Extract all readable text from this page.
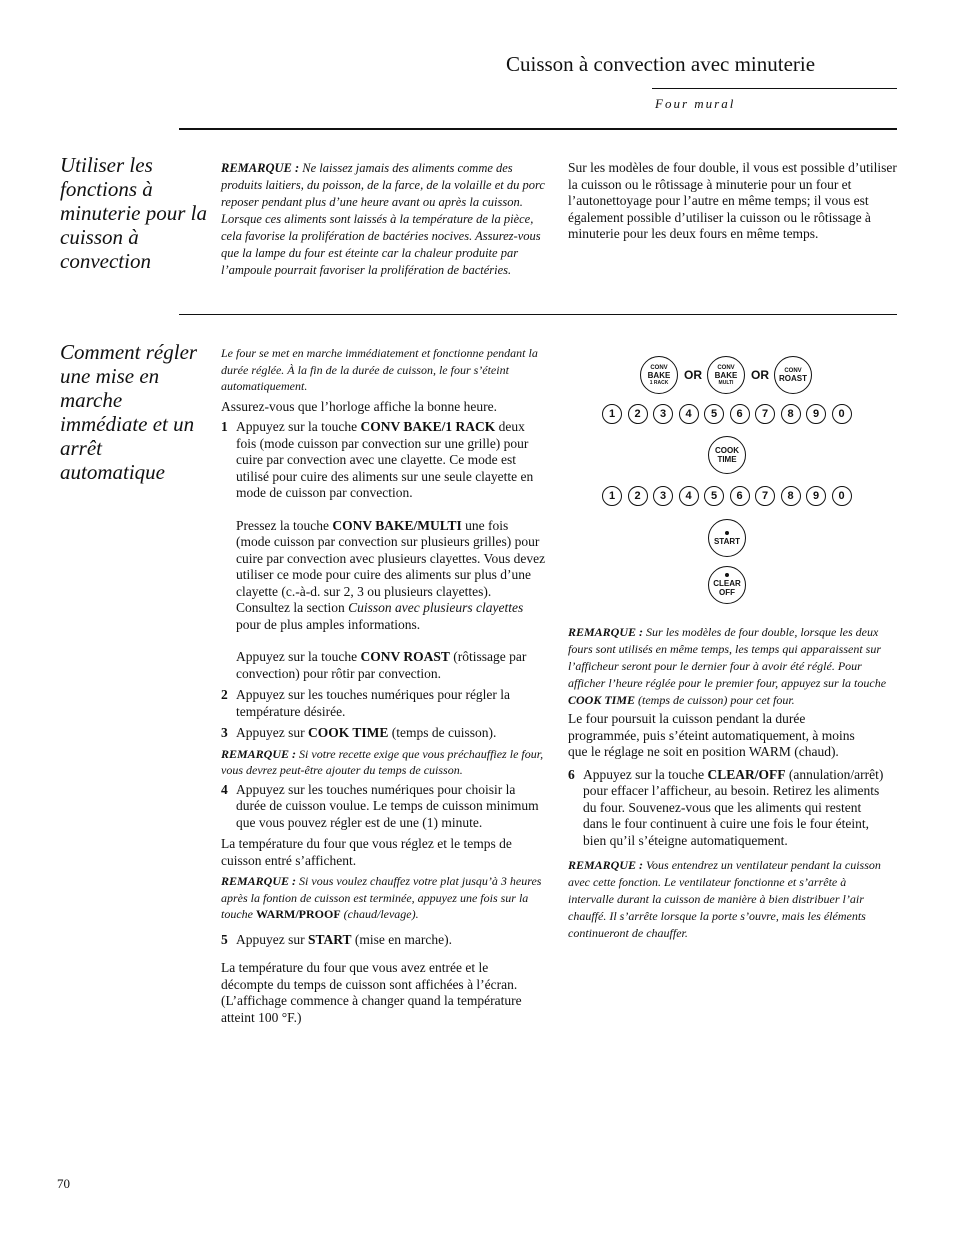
Cuisson à convection avec minuterie
Four mural
Utiliser les fonctions à minuterie pour la cuisson à convection
REMARQUE : Ne laissez jamais des aliments comme des produits laitiers, du poisson, de la farce, de la volaille et du porc reposer pendant plus d’une heure avant ou après la cuisson. Lorsque ces aliments sont laissés à la température de la pièce, cela favorise la prolifération de bactéries nocives. Assurez-vous que la lampe du four est éteinte car la chaleur produite par l’ampoule pourrait favoriser la prolifération de bactéries.
Sur les modèles de four double, il vous est possible d’utiliser la cuisson ou le rôtissage à minuterie pour un four et l’autonettoyage pour l’autre en même temps; il vous est également possible d’utiliser la cuisson ou le rôtissage à minuterie pour les deux fours en même temps.
Comment régler une mise en marche immédiate et un arrêt automatique
Le four se met en marche immédiatement et fonctionne pendant la durée réglée. À la fin de la durée de cuisson, le four s’éteint automatiquement.
Assurez-vous que l’horloge affiche la bonne heure.
1 Appuyez sur la touche CONV BAKE/1 RACK deux fois (mode cuisson par convection sur une grille) pour cuire par convection avec une clayette. Ce mode est utilisé pour cuire des aliments sur une seule clayette en mode de cuisson par convection.
Pressez la touche CONV BAKE/MULTI une fois (mode cuisson par convection sur plusieurs grilles) pour cuire par convection avec plusieurs clayettes. Vous devez utiliser ce mode pour cuire des aliments sur plus d’une clayette (c.-à-d. sur 2, 3 ou plusieurs clayettes). Consultez la section Cuisson avec plusieurs clayettes pour de plus amples informations.
Appuyez sur la touche CONV ROAST (rôtissage par convection) pour rôtir par convection.
2 Appuyez sur les touches numériques pour régler la température désirée.
3 Appuyez sur COOK TIME (temps de cuisson).
REMARQUE : Si votre recette exige que vous préchauffiez le four, vous devrez peut-être ajouter du temps de cuisson.
4 Appuyez sur les touches numériques pour choisir la durée de cuisson voulue. Le temps de cuisson minimum que vous pouvez régler est de une (1) minute.
La température du four que vous réglez et le temps de cuisson entré s’affichent.
REMARQUE : Si vous voulez chauffez votre plat jusqu’à 3 heures après la fontion de cuisson est terminée, appuyez une fois sur la touche WARM/PROOF (chaud/levage).
5 Appuyez sur START (mise en marche).
La température du four que vous avez entrée et le décompte du temps de cuisson sont affichées à l’écran. (L’affichage commence à changer quand la température atteint 100 °F.)
CONV
BAKE
1 RACK
OR
CONV
BAKE
MULTI
OR	CONV
ROAST
1	2	3	4	5	6	7	8	9	0
COOK
TIME
1	2	3	4	5	6	7	8	9	0
START
CLEAR
OFF
REMARQUE : Sur les modèles de four double, lorsque les deux fours sont utilisés en même temps, les temps qui apparaissent sur l’afficheur seront pour le dernier four à avoir été réglé. Pour afficher l’heure réglée pour le premier four, appuyez sur la touche COOK TIME (temps de cuisson) pour cet four.
Le four poursuit la cuisson pendant la durée programmée, puis s’éteint automatiquement, à moins que le réglage ne soit en position WARM (chaud).
6 Appuyez sur la touche CLEAR/OFF (annulation/arrêt) pour effacer l’afficheur, au besoin. Retirez les aliments du four. Souvenez-vous que les aliments qui restent dans le four continuent à cuire une fois le four éteint, bien qu’il s’éteigne automatiquement.
REMARQUE : Vous entendrez un ventilateur pendant la cuisson avec cette fonction. Le ventilateur fonctionne et s’arrête à intervalle durant la cuisson de manière à bien distribuer l’air chauffé. Il s’arrête lorsque la porte s’ouvre, mais les éléments continueront de chauffer.
70
